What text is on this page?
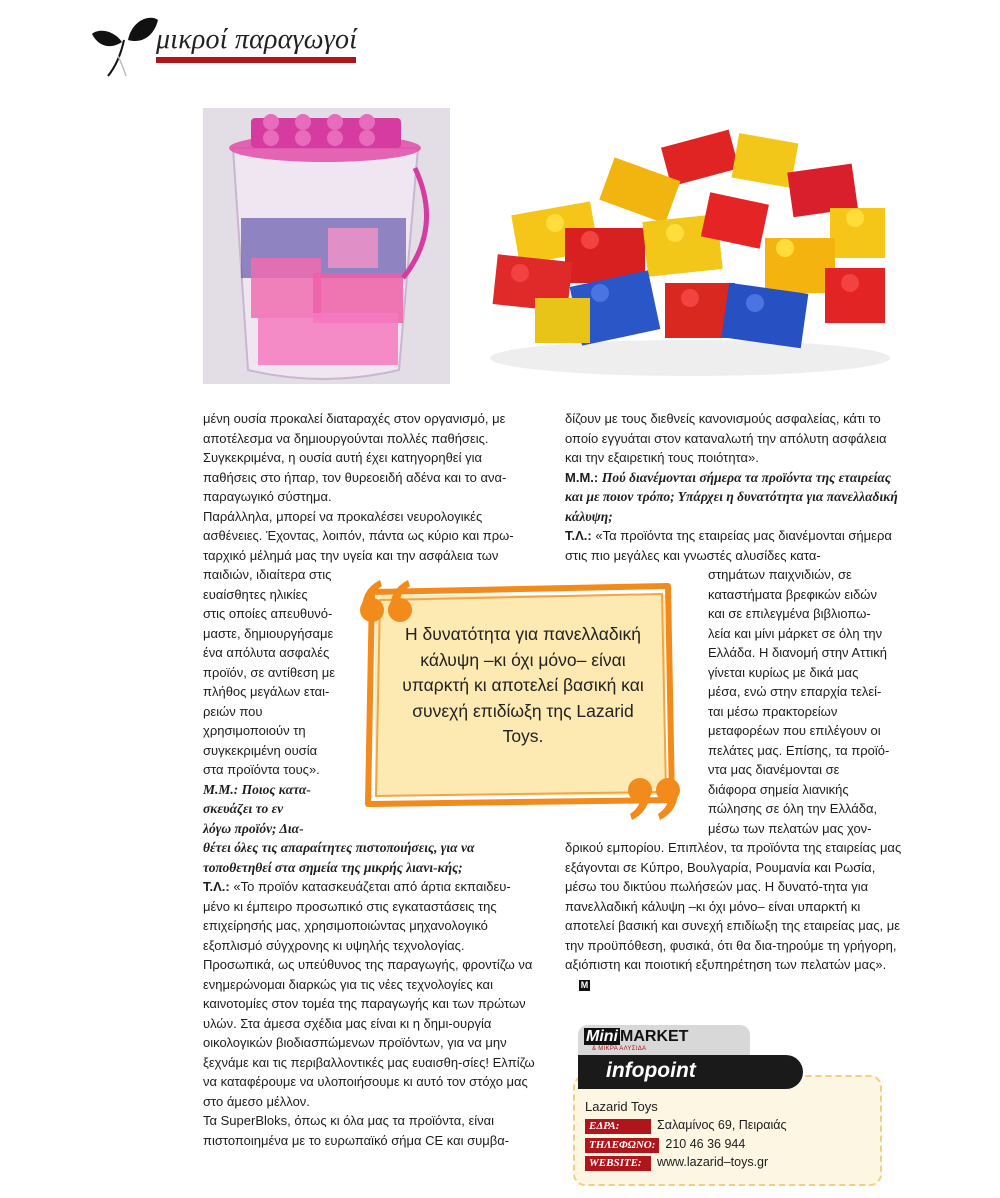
μικροί παραγωγοί

μένη ουσία προκαλεί διαταραχές στον οργανισμό, με αποτέλεσμα να δημιουργούνται πολλές παθήσεις. Συγκεκριμένα, η ουσία αυτή έχει κατηγορηθεί για παθήσεις στο ήπαρ, τον θυρεοειδή αδένα και το ανα-παραγωγικό σύστημα.

Παράλληλα, μπορεί να προκαλέσει νευρολογικές ασθένειες. Έχοντας, λοιπόν, πάντα ως κύριο και πρω-ταρχικό μέλημά μας την υγεία και την ασφάλεια των

παιδιών, ιδιαίτερα στις
ευαίσθητες ηλικίες
στις οποίες απευθυνό-
μαστε, δημιουργήσαμε
ένα απόλυτα ασφαλές
προϊόν, σε αντίθεση με
πλήθος μεγάλων εται-
ρειών που
χρησιμοποιούν τη
συγκεκριμένη ουσία
στα προϊόντα τους».
Μ.Μ.: Ποιος κατα-
σκευάζει το εν
λόγω προϊόν; Δια-

θέτει όλες τις απαραίτητες πιστοποιήσεις, για να τοποθετηθεί στα σημεία της μικρής λιανι-κής;

Τ.Λ.: «Το προϊόν κατασκευάζεται από άρτια εκπαιδευ-μένο κι έμπειρο προσωπικό στις εγκαταστάσεις της επιχείρησής μας, χρησιμοποιώντας μηχανολογικό εξοπλισμό σύγχρονης κι υψηλής τεχνολογίας. Προσωπικά, ως υπεύθυνος της παραγωγής, φροντίζω να ενημερώνομαι διαρκώς για τις νέες τεχνολογίες και καινοτομίες στον τομέα της παραγωγής και των πρώτων υλών. Στα άμεσα σχέδια μας είναι κι η δημι-ουργία οικολογικών βιοδιασπώμενων προϊόντων, για να μην ξεχνάμε και τις περιβαλλοντικές μας ευαισθη-σίες! Ελπίζω να καταφέρουμε να υλοποιήσουμε κι αυτό τον στόχο μας στο άμεσο μέλλον.

Τα SuperBloks, όπως κι όλα μας τα προϊόντα, είναι πιστοποιημένα με το ευρωπαϊκό σήμα CE και συμβα-

δίζουν με τους διεθνείς κανονισμούς ασφαλείας, κάτι το οποίο εγγυάται στον καταναλωτή την απόλυτη ασφάλεια και την εξαιρετική τους ποιότητα».

Μ.Μ.: Πού διανέμονται σήμερα τα προϊόντα της εταιρείας και με ποιον τρόπο; Υπάρχει η δυνατότητα για πανελλαδική κάλυψη;

Τ.Λ.: «Τα προϊόντα της εταιρείας μας διανέμονται σήμερα στις πιο μεγάλες και γνωστές αλυσίδες κατα-

στημάτων παιχνιδιών, σε
καταστήματα βρεφικών ειδών
και σε επιλεγμένα βιβλιοπω-
λεία και μίνι μάρκετ σε όλη την
Ελλάδα. Η διανομή στην Αττική
γίνεται κυρίως με δικά μας
μέσα, ενώ στην επαρχία τελεί-
ται μέσω πρακτορείων
μεταφορέων που επιλέγουν οι
πελάτες μας. Επίσης, τα προϊό-
ντα μας διανέμονται σε
διάφορα σημεία λιανικής
πώλησης σε όλη την Ελλάδα,
μέσω των πελατών μας χον-

δρικού εμπορίου. Επιπλέον, τα προϊόντα της εταιρείας μας εξάγονται σε Κύπρο, Βουλγαρία, Ρουμανία και Ρωσία, μέσω του δικτύου πωλήσεών μας. Η δυνατό-τητα για πανελλαδική κάλυψη –κι όχι μόνο– είναι υπαρκτή κι αποτελεί βασική και συνεχή επιδίωξη της εταιρείας μας, με την προϋπόθεση, φυσικά, ότι θα δια-τηρούμε τη γρήγορη, αξιόπιστη και ποιοτική εξυπηρέτηση των πελατών μας».M

Η δυνατότητα για πανελλαδική κάλυψη –κι όχι μόνο– είναι υπαρκτή κι αποτελεί βασική και συνεχή επιδίωξη της Lazarid Toys.
Mini MARKET
& ΜΙΚΡΑ ΑΛΥΣΙΔΑ
infopoint
Lazarid Toys
ΕΔΡΑ:	Σαλαμίνος 69, Πειραιάς
ΤΗΛΕΦΩΝΟ: 210 46 36 944
WEBSITE: www.lazarid–toys.gr
